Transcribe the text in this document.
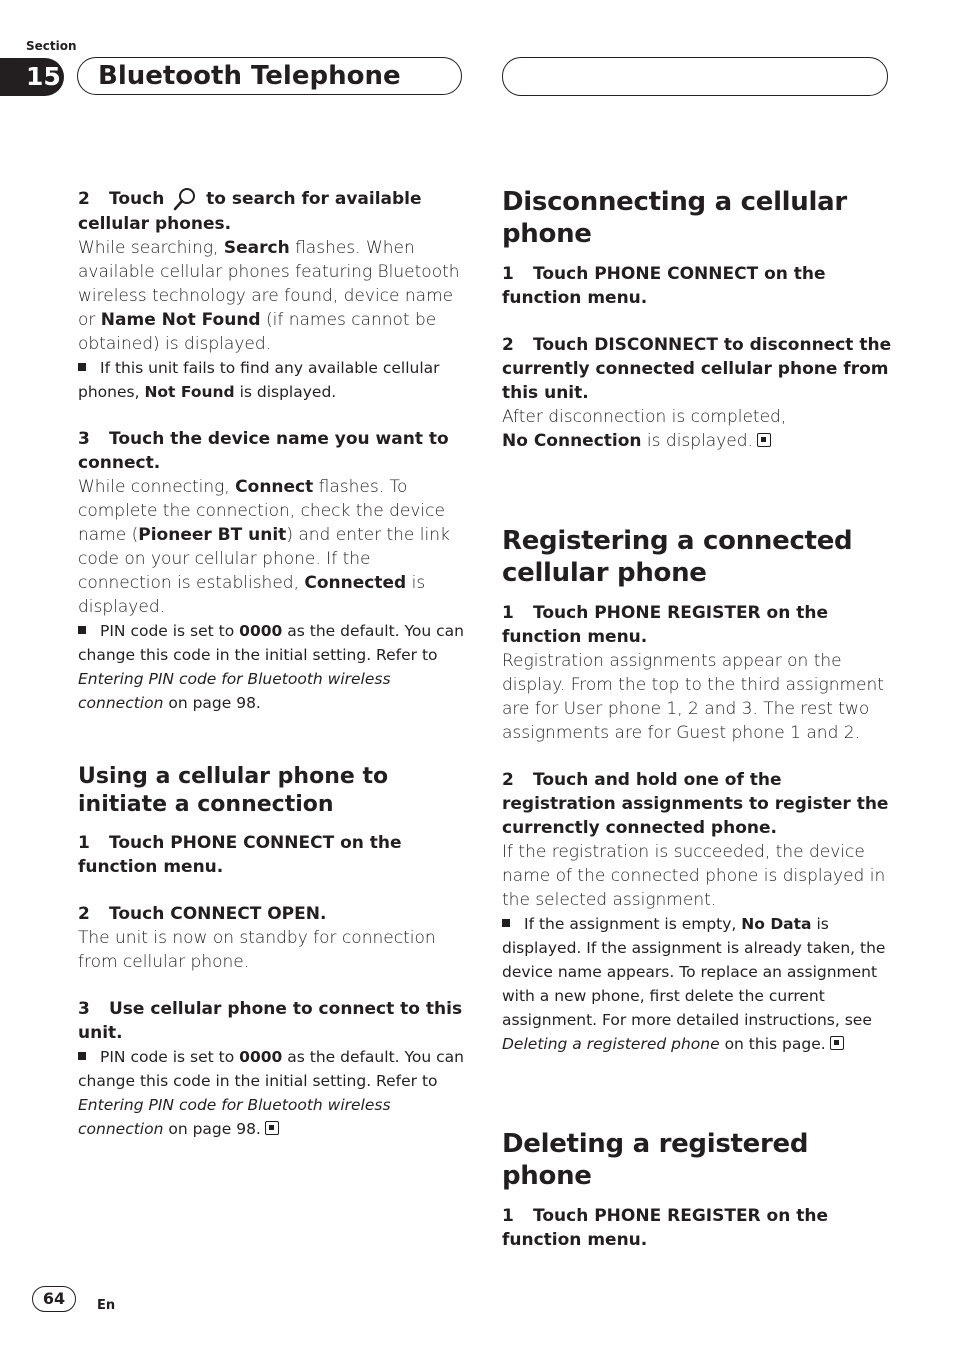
Section
15	Bluetooth Telephone

2 Touch to search for available cellular phones.

While searching, Search flashes. When available cellular phones featuring Bluetooth wireless technology are found, device name or Name Not Found (if names cannot be obtained) is displayed.

If this unit fails to find any available cellular phones, Not Found is displayed.

3 Touch the device name you want to connect.

While connecting, Connect flashes. To complete the connection, check the device name (Pioneer BT unit) and enter the link code on your cellular phone. If the connection is established, Connected is displayed.

PIN code is set to 0000 as the default. You can change this code in the initial setting. Refer to Entering PIN code for Bluetooth wireless connection on page 98.

Using a cellular phone to initiate a connection

1 Touch PHONE CONNECT on the function menu.

2 Touch CONNECT OPEN.

The unit is now on standby for connection from cellular phone.

3 Use cellular phone to connect to this unit.

PIN code is set to 0000 as the default. You can change this code in the initial setting. Refer to Entering PIN code for Bluetooth wireless connection on page 98.

Disconnecting a cellular phone

1 Touch PHONE CONNECT on the function menu.

2 Touch DISCONNECT to disconnect the currently connected cellular phone from this unit.

After disconnection is completed,
No Connection is displayed.

Registering a connected cellular phone

1 Touch PHONE REGISTER on the function menu.

Registration assignments appear on the display. From the top to the third assignment are for User phone 1, 2 and 3. The rest two assignments are for Guest phone 1 and 2.

2 Touch and hold one of the registration assignments to register the currenctly connected phone.

If the registration is succeeded, the device name of the connected phone is displayed in the selected assignment.

If the assignment is empty, No Data is displayed. If the assignment is already taken, the device name appears. To replace an assignment with a new phone, first delete the current assignment. For more detailed instructions, see Deleting a registered phone on this page.

Deleting a registered phone

1 Touch PHONE REGISTER on the function menu.

64	En
